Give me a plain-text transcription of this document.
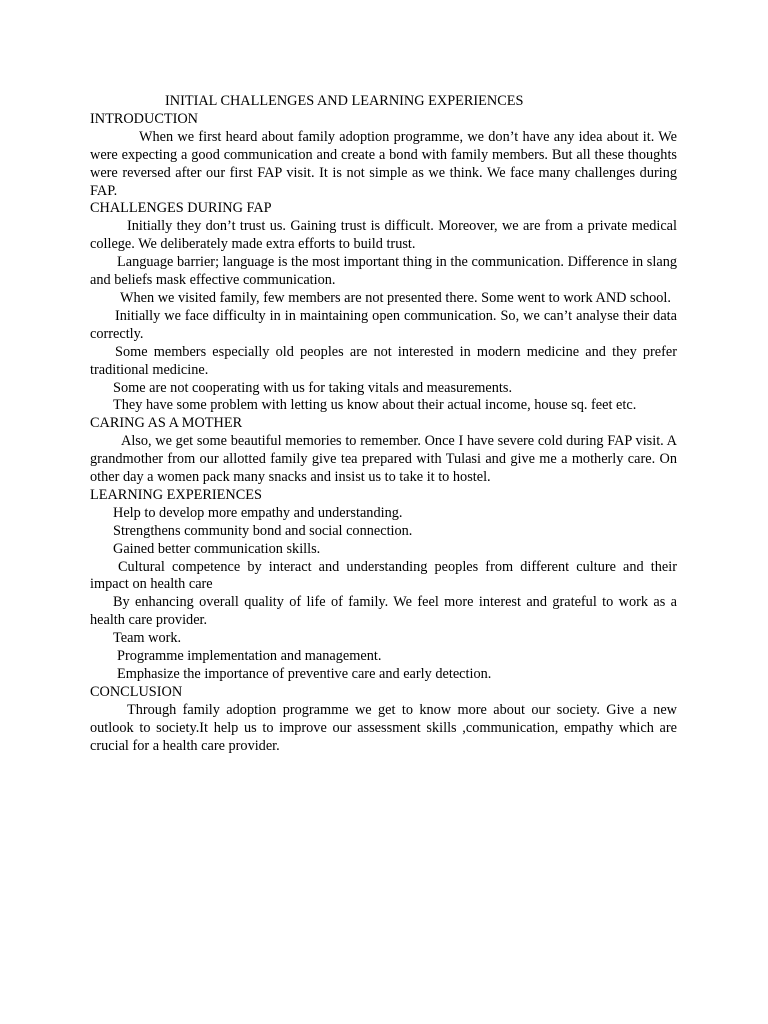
INITIAL CHALLENGES AND LEARNING EXPERIENCES
INTRODUCTION

When we first heard about family adoption programme, we don’t have any idea about it. We were expecting a good communication and create a bond with family members. But all these thoughts were reversed after our first FAP visit. It is not simple as we think. We face many challenges during FAP.

CHALLENGES DURING FAP

Initially they don’t trust us. Gaining trust is difficult. Moreover, we are from a private medical college. We deliberately made extra efforts to build trust.

Language barrier; language is the most important thing in the communication. Difference in slang and beliefs mask effective communication.

When we visited family, few members are not presented there. Some went to work AND school.

Initially we face difficulty in in maintaining open communication. So, we can’t analyse their data correctly.

Some members especially old peoples are not interested in modern medicine and they prefer traditional medicine.

Some are not cooperating with us for taking vitals and measurements.

They have some problem with letting us know about their actual income, house sq. feet etc.

CARING AS A MOTHER

Also, we get some beautiful memories to remember. Once I have severe cold during FAP visit. A grandmother from our allotted family give tea prepared with Tulasi and give me a motherly care. On other day a women pack many snacks and insist us to take it to hostel.

LEARNING EXPERIENCES

Help to develop more empathy and understanding.

Strengthens community bond and social connection.

Gained better communication skills.

Cultural competence by interact and understanding peoples from different culture and their impact on health care

By enhancing overall quality of life of family. We feel more interest and grateful to work as a health care provider.

Team work.

Programme implementation and management.

Emphasize the importance of preventive care and early detection.

CONCLUSION

Through family adoption programme we get to know more about our society. Give a new outlook to society.It help us to improve our assessment skills ,communication, empathy which are crucial for a health care provider.
